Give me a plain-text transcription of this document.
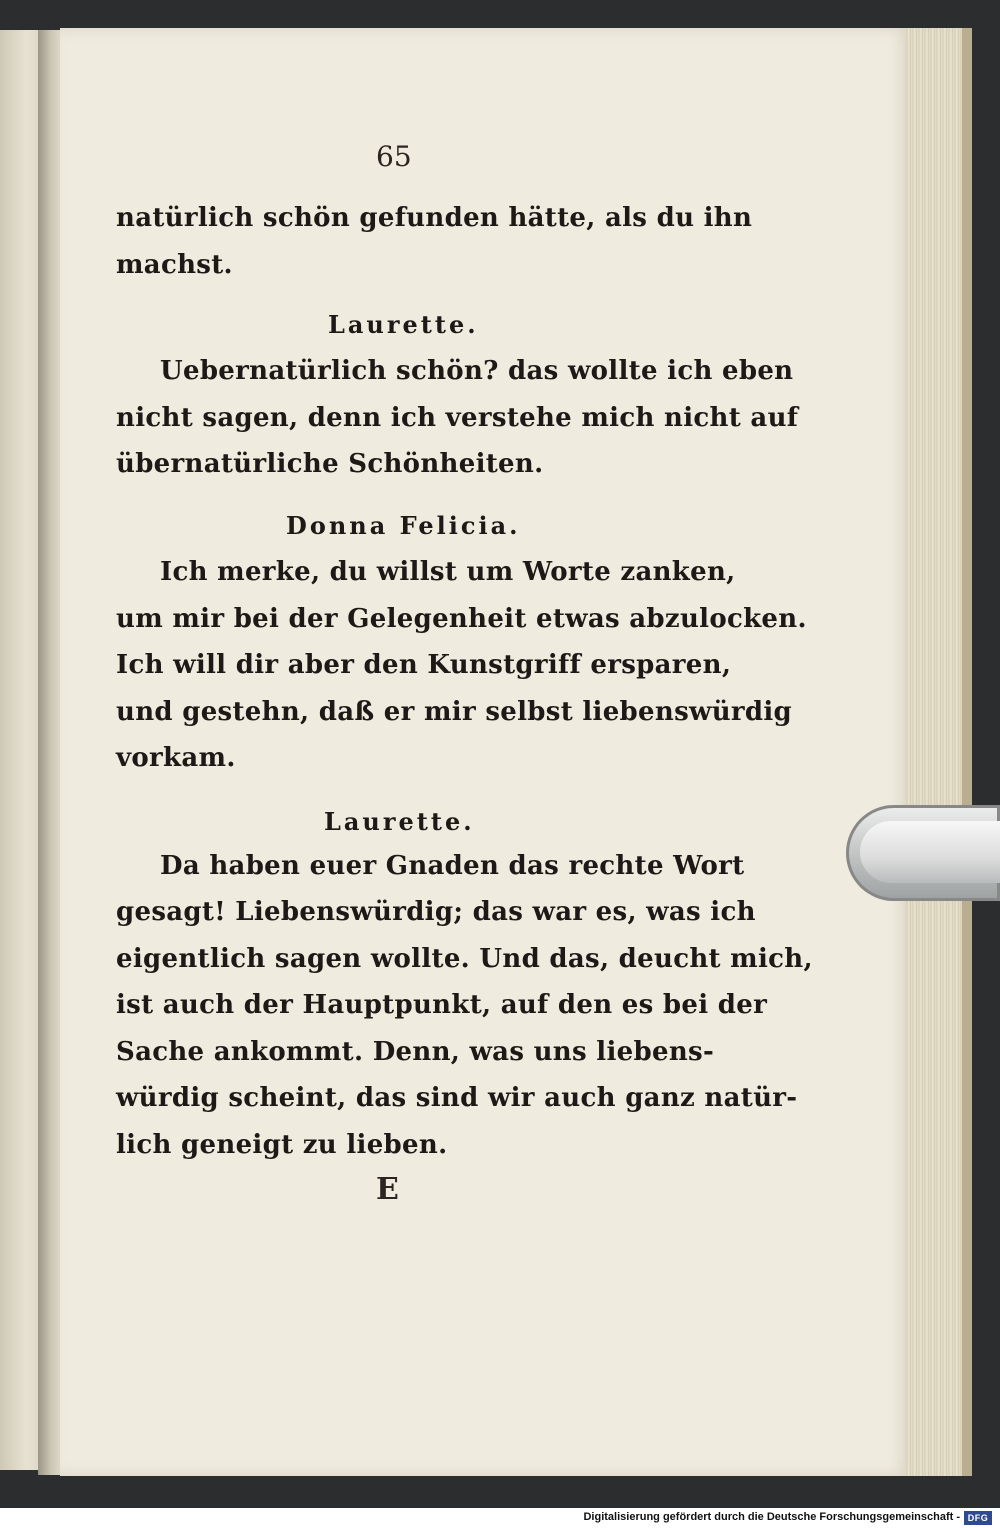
65
natürlich schön gefunden hätte, als du ihn
machst.
Laurette.
Uebernatürlich schön? das wollte ich eben
nicht sagen, denn ich verstehe mich nicht auf
übernatürliche Schönheiten.
Donna Felicia.
Ich merke, du willst um Worte zanken,
um mir bei der Gelegenheit etwas abzulocken.
Ich will dir aber den Kunstgriff ersparen,
und gestehn, daß er mir selbst liebenswürdig
vorkam.
Laurette.
Da haben euer Gnaden das rechte Wort
gesagt! Liebenswürdig; das war es, was ich
eigentlich sagen wollte. Und das, deucht mich,
ist auch der Hauptpunkt, auf den es bei der
Sache ankommt. Denn, was uns liebens-
würdig scheint, das sind wir auch ganz natür-
lich geneigt zu lieben.
E
Digitalisierung gefördert durch die Deutsche Forschungsgemeinschaft - DFG
